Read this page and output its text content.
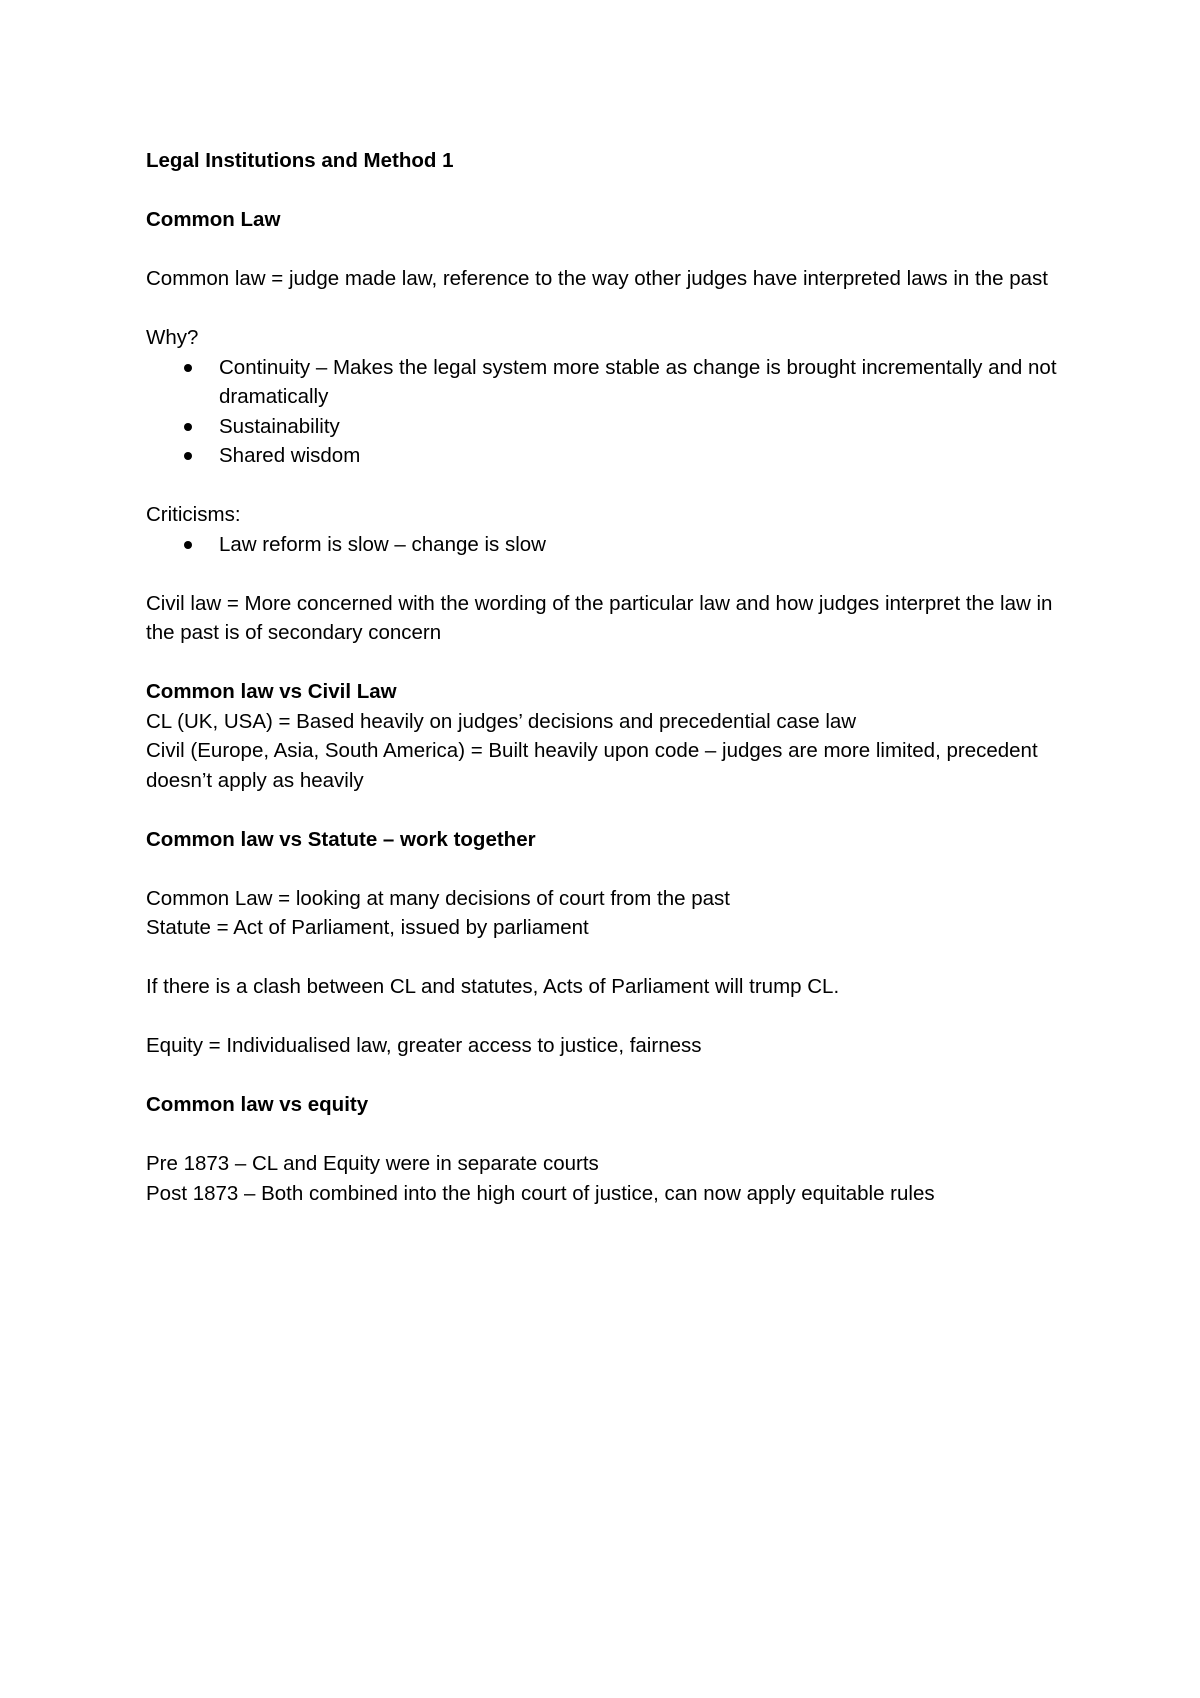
Legal Institutions and Method 1

Common Law

Common law = judge made law, reference to the way other judges have interpreted laws in the past

Why?

Continuity – Makes the legal system more stable as change is brought incrementally and not dramatically
Sustainability
Shared wisdom

Criticisms:

Law reform is slow – change is slow

Civil law = More concerned with the wording of the particular law and how judges interpret the law in the past is of secondary concern

Common law vs Civil Law

CL (UK, USA) = Based heavily on judges’ decisions and precedential case law

Civil (Europe, Asia, South America) = Built heavily upon code – judges are more limited, precedent doesn’t apply as heavily

Common law vs Statute – work together

Common Law = looking at many decisions of court from the past

Statute = Act of Parliament, issued by parliament

If there is a clash between CL and statutes, Acts of Parliament will trump CL.

Equity = Individualised law, greater access to justice, fairness

Common law vs equity

Pre 1873 – CL and Equity were in separate courts

Post 1873 – Both combined into the high court of justice, can now apply equitable rules
